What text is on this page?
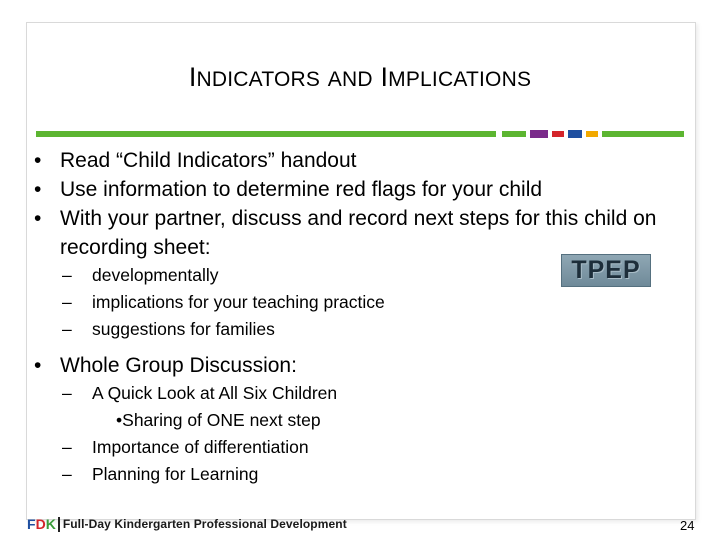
INDICATORS AND IMPLICATIONS
• Read “Child Indicators” handout
• Use information to determine red flags for your child
• With your partner, discuss and record next steps for this child on recording sheet:
– developmentally
– implications for your teaching practice
– suggestions for families
• Whole Group Discussion:
– A Quick Look at All Six Children
•Sharing of ONE next step
– Importance of differentiation
– Planning for Learning
TPEP
F D K Full-Day Kindergarten Professional Development	24
